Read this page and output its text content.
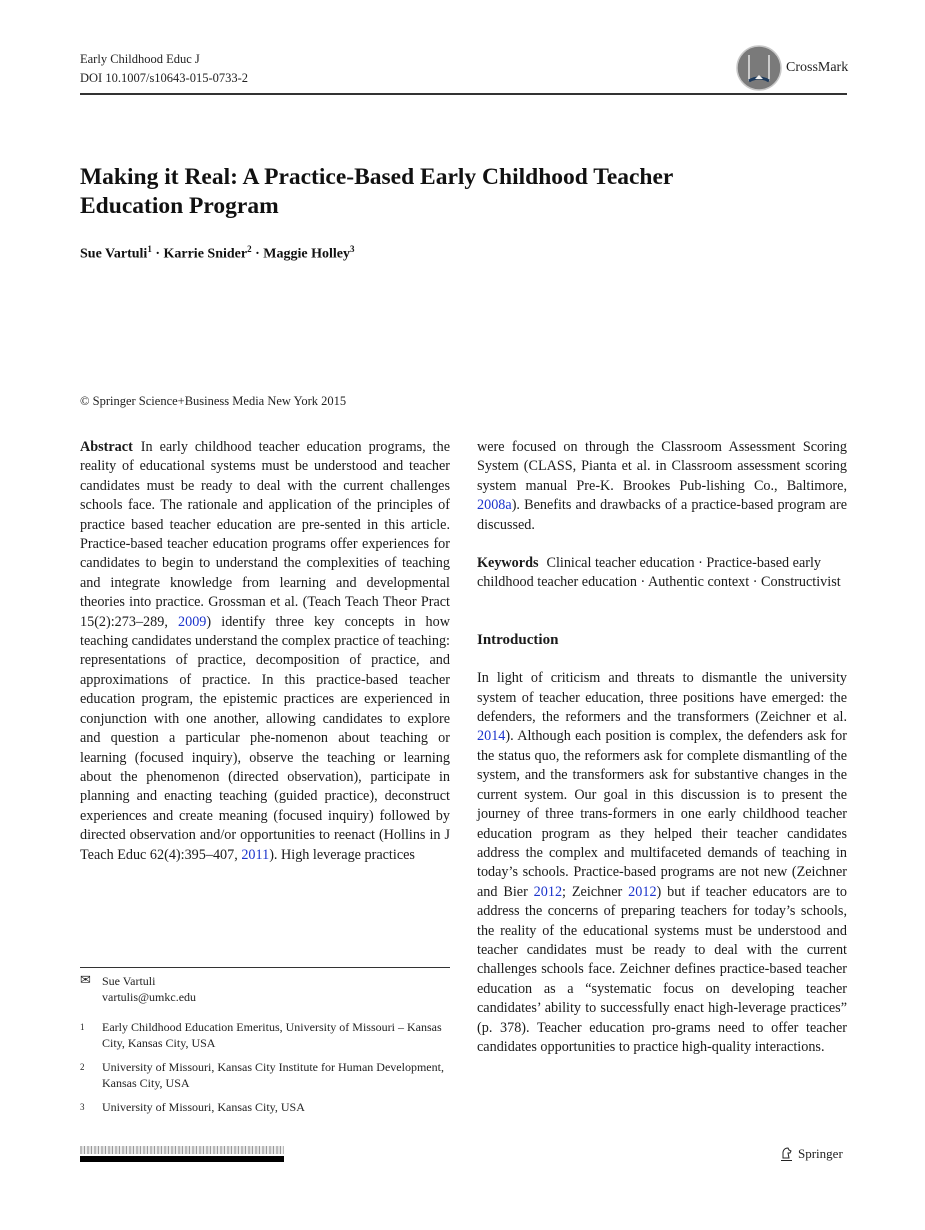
Early Childhood Educ J
DOI 10.1007/s10643-015-0733-2
CrossMark
Making it Real: A Practice-Based Early Childhood Teacher Education Program
Sue Vartuli$^1$ · Karrie Snider$^2$ · Maggie Holley$^3$
© Springer Science+Business Media New York 2015

Abstract In early childhood teacher education programs, the reality of educational systems must be understood and teacher candidates must be ready to deal with the current challenges schools face. The rationale and application of the principles of practice based teacher education are pre-sented in this article. Practice-based teacher education programs offer experiences for candidates to begin to understand the complexities of teaching and integrate knowledge from learning and developmental theories into practice. Grossman et al. (Teach Teach Theor Pract 15(2):273–289, 2009) identify three key concepts in how teaching candidates understand the complex practice of teaching: representations of practice, decomposition of practice, and approximations of practice. In this practice-based teacher education program, the epistemic practices are experienced in conjunction with one another, allowing candidates to explore and question a particular phe-nomenon about teaching or learning (focused inquiry), observe the teaching or learning about the phenomenon (directed observation), participate in planning and enacting teaching (guided practice), deconstruct experiences and create meaning (focused inquiry) followed by directed observation and/or opportunities to reenact (Hollins in J Teach Educ 62(4):395–407, 2011). High leverage practices

were focused on through the Classroom Assessment Scoring System (CLASS, Pianta et al. in Classroom assessment scoring system manual Pre-K. Brookes Pub-lishing Co., Baltimore, 2008a). Benefits and drawbacks of a practice-based program are discussed.

Keywords Clinical teacher education · Practice-based early childhood teacher education · Authentic context · Constructivist

Introduction

In light of criticism and threats to dismantle the university system of teacher education, three positions have emerged: the defenders, the reformers and the transformers (Zeichner et al. 2014). Although each position is complex, the defenders ask for the status quo, the reformers ask for complete dismantling of the system, and the transformers ask for substantive changes in the current system. Our goal in this discussion is to present the journey of three trans-formers in one early childhood teacher education program as they helped their teacher candidates address the complex and multifaceted demands of teaching in today’s schools. Practice-based programs are not new (Zeichner and Bier 2012; Zeichner 2012) but if teacher educators are to address the concerns of preparing teachers for today’s schools, the reality of the educational systems must be understood and teacher candidates must be ready to deal with the current challenges schools face. Zeichner defines practice-based teacher education as a “systematic focus on developing teacher candidates’ ability to successfully enact high-leverage practices” (p. 378). Teacher education pro-grams need to offer teacher candidates opportunities to practice high-quality interactions.

✉ Sue Vartuli
vartulis@umkc.edu
1	Early Childhood Education Emeritus, University of Missouri – Kansas City, Kansas City, USA
2	University of Missouri, Kansas City Institute for Human Development, Kansas City, USA
3	University of Missouri, Kansas City, USA
Springer
